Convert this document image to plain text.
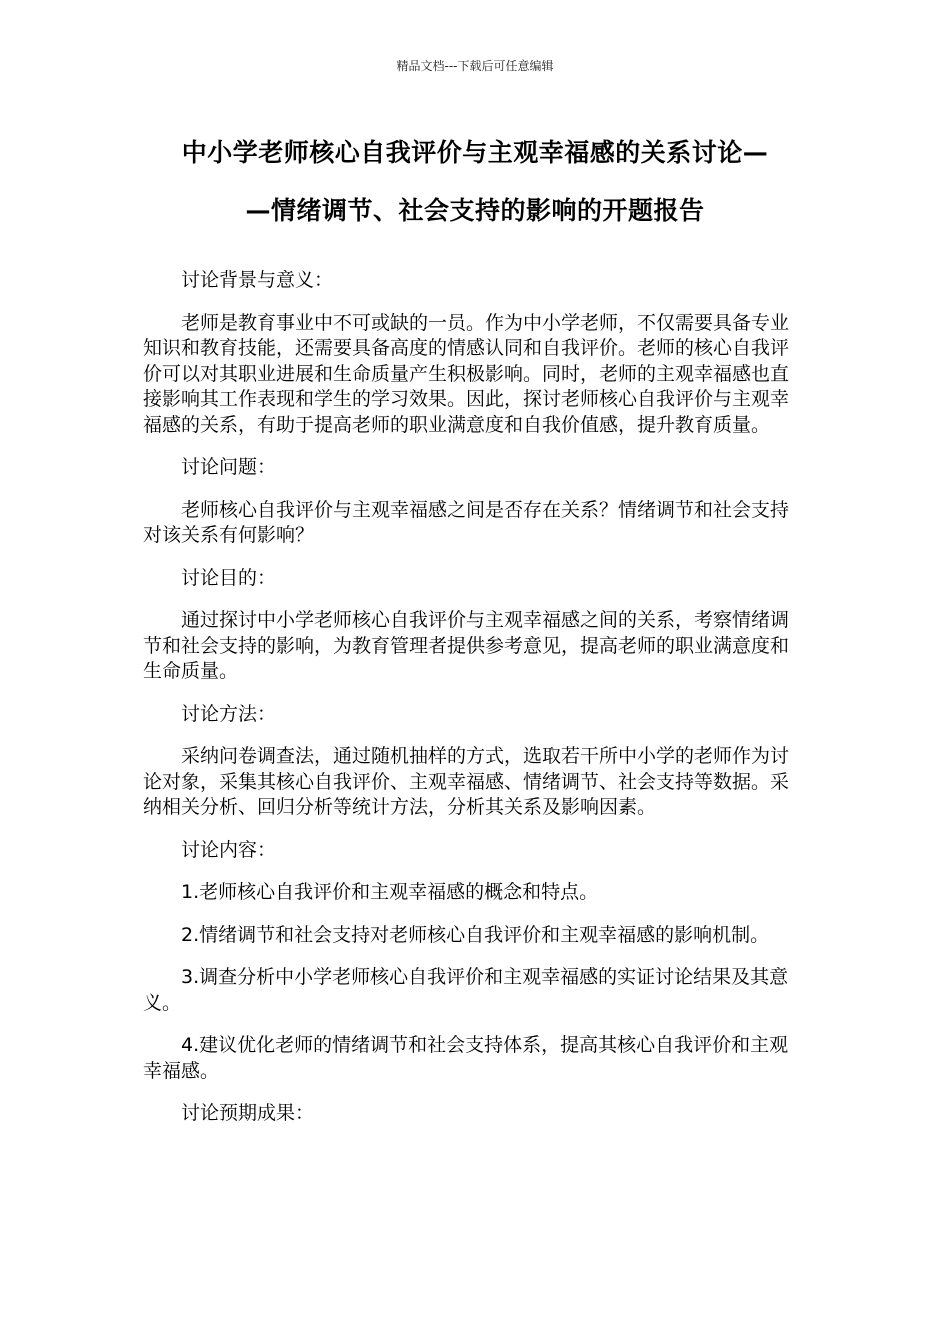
精品文档---下载后可任意编辑
中小学老师核心自我评价与主观幸福感的关系讨论—
—情绪调节、社会支持的影响的开题报告

讨论背景与意义：

老师是教育事业中不可或缺的一员。作为中小学老师，不仅需要具备专业知识和教育技能，还需要具备高度的情感认同和自我评价。老师的核心自我评价可以对其职业进展和生命质量产生积极影响。同时，老师的主观幸福感也直接影响其工作表现和学生的学习效果。因此，探讨老师核心自我评价与主观幸福感的关系，有助于提高老师的职业满意度和自我价值感，提升教育质量。

讨论问题：

老师核心自我评价与主观幸福感之间是否存在关系？情绪调节和社会支持对该关系有何影响？

讨论目的：

通过探讨中小学老师核心自我评价与主观幸福感之间的关系，考察情绪调节和社会支持的影响，为教育管理者提供参考意见，提高老师的职业满意度和生命质量。

讨论方法：

采纳问卷调查法，通过随机抽样的方式，选取若干所中小学的老师作为讨论对象，采集其核心自我评价、主观幸福感、情绪调节、社会支持等数据。采纳相关分析、回归分析等统计方法，分析其关系及影响因素。

讨论内容：

1.老师核心自我评价和主观幸福感的概念和特点。

2.情绪调节和社会支持对老师核心自我评价和主观幸福感的影响机制。

3.调查分析中小学老师核心自我评价和主观幸福感的实证讨论结果及其意义。

4.建议优化老师的情绪调节和社会支持体系，提高其核心自我评价和主观幸福感。

讨论预期成果：
